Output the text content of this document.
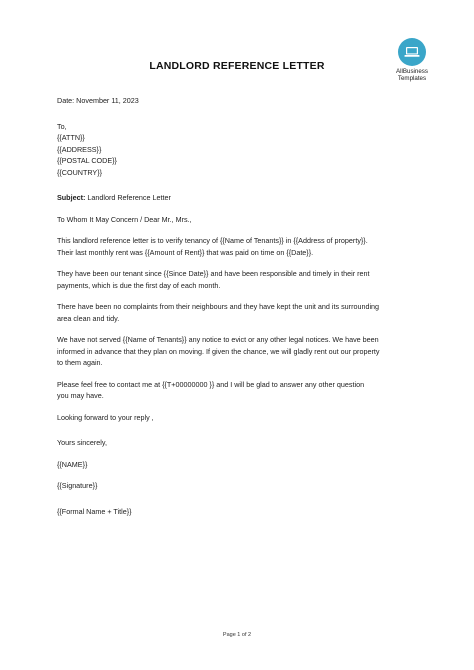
AllBusiness
Templates
LANDLORD REFERENCE LETTER
Date: November 11, 2023
To,
{{ATTN}}
{{ADDRESS}}
{{POSTAL CODE}}
{{COUNTRY}}
Subject: Landlord Reference Letter
To Whom It May Concern / Dear Mr., Mrs.,
This landlord reference letter is to verify tenancy of {{Name of Tenants}} in {{Address of property}}.
Their last monthly rent was {{Amount of Rent}} that was paid on time on {{Date}}.
They have been our tenant since {{Since Date}} and have been responsible and timely in their rent
payments, which is due the first day of each month.
There have been no complaints from their neighbours and they have kept the unit and its surrounding
area clean and tidy.
We have not served {{Name of Tenants}} any notice to evict or any other legal notices. We have been
informed in advance that they plan on moving. If given the chance, we will gladly rent out our property
to them again.
Please feel free to contact me at {{T+00000000 }} and I will be glad to answer any other question
you may have.
Looking forward to your reply ,
Yours sincerely,
{{NAME}}
{{Signature}}
{{Formal Name + Title}}
Page 1 of 2
